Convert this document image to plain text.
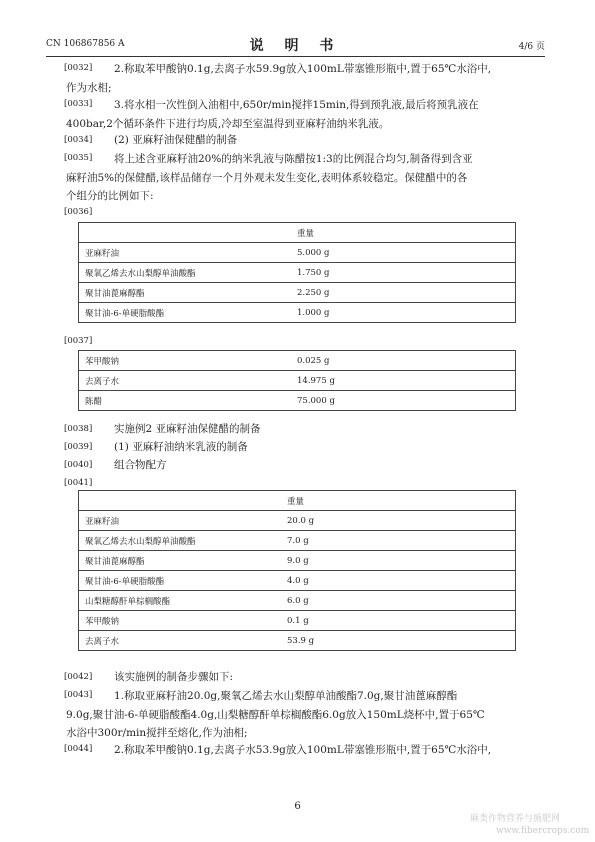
CN 106867856 A	说 明 书	4/6 页
[0032]	2.称取苯甲酸钠0.1g,去离子水59.9g放入100mL带塞锥形瓶中,置于65℃水浴中,
作为水相;
[0033]	3.将水相一次性倒入油相中,650r/min搅拌15min,得到预乳液,最后将预乳液在
400bar,2个循环条件下进行均质,冷却至室温得到亚麻籽油纳米乳液。
[0034] (2) 亚麻籽油保健醋的制备
[0035]	将上述含亚麻籽油20%的纳米乳液与陈醋按1:3的比例混合均匀,制备得到含亚
麻籽油5%的保健醋,该样品储存一个月外观未发生变化,表明体系较稳定。保健醋中的各
个组分的比例如下:
[0036]
	重量
亚麻籽油	5.000 g
聚氧乙烯去水山梨醇单油酸酯	1.750 g
聚甘油蓖麻醇酯	2.250 g
聚甘油-6-单硬脂酸酯	1.000 g
[0037]
苯甲酸钠	0.025 g
去离子水	14.975 g
陈醋	75.000 g
[0038] 实施例2 亚麻籽油保健醋的制备
[0039] (1) 亚麻籽油纳米乳液的制备
[0040] 组合物配方
[0041]
	重量
亚麻籽油	20.0 g
聚氧乙烯去水山梨醇单油酸酯	7.0 g
聚甘油蓖麻醇酯	9.0 g
聚甘油-6-单硬脂酸酯	4.0 g
山梨糖醇酐单棕榈酸酯	6.0 g
苯甲酸钠	0.1 g
去离子水	53.9 g
[0042] 该实施例的制备步骤如下:
[0043]	1.称取亚麻籽油20.0g,聚氧乙烯去水山梨醇单油酸酯7.0g,聚甘油蓖麻醇酯
9.0g,聚甘油-6-单硬脂酸酯4.0g,山梨糖醇酐单棕榈酸酯6.0g放入150mL烧杯中,置于65℃
水浴中300r/min搅拌至熔化,作为油相;
[0044]	2.称取苯甲酸钠0.1g,去离子水53.9g放入100mL带塞锥形瓶中,置于65℃水浴中,
6
麻类作物营养与施肥网
www.fibercrops.com
